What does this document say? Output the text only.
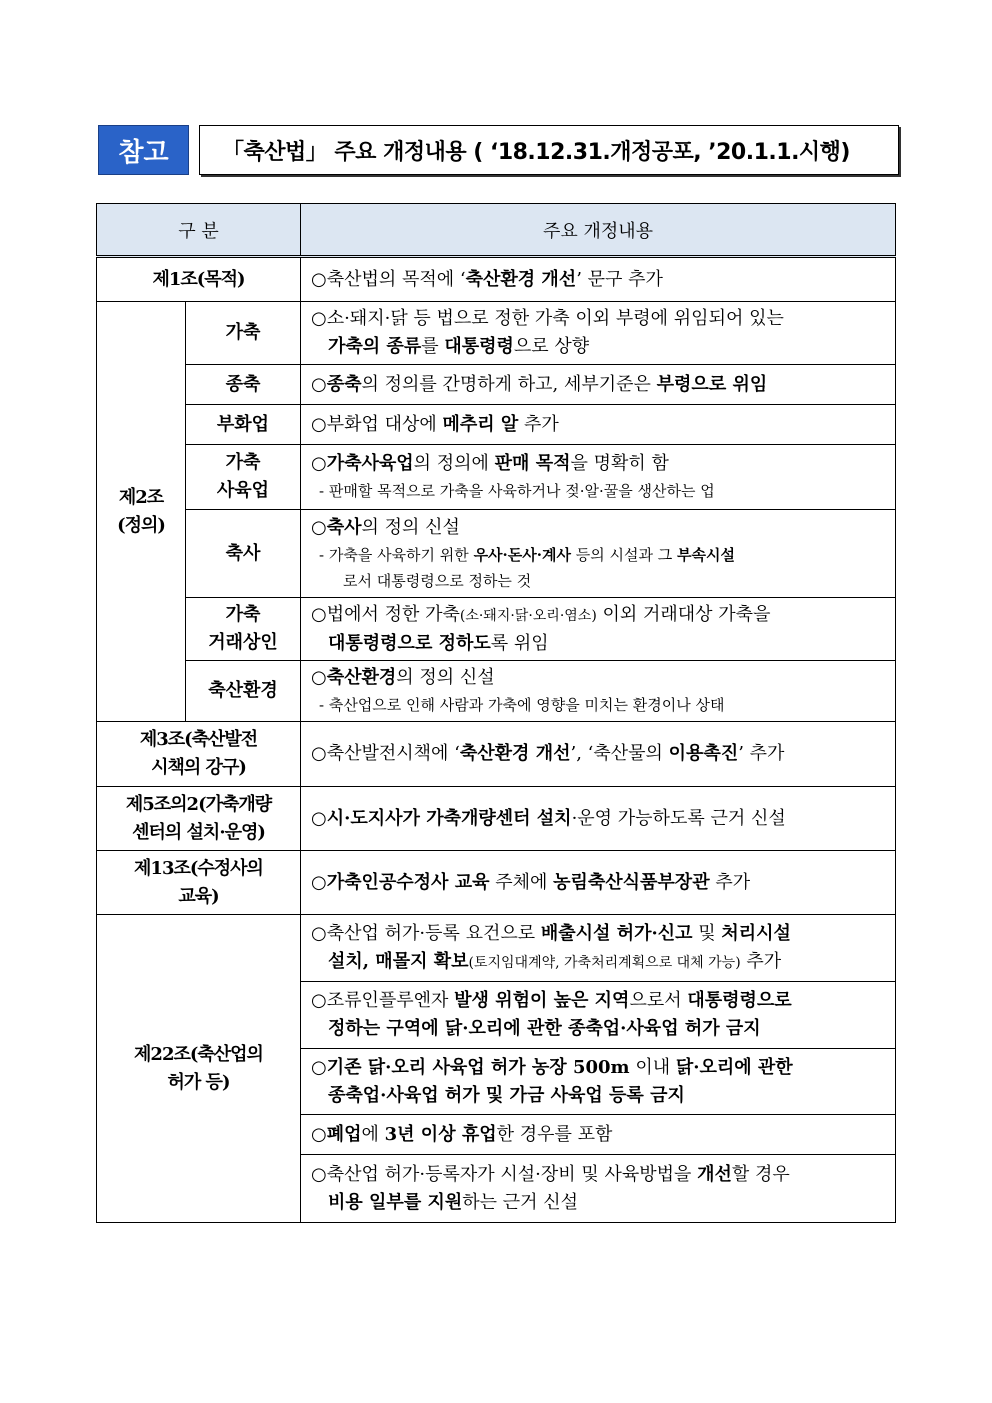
참고	「축산법」 주요 개정내용 ( ‘18.12.31.개정공포, ’20.1.1.시행)
구 분		주요 개정내용
제1조(목적)		○축산법의 목적에 ‘축산환경 개선’ 문구 추가
제2조
(정의)	가축	○소·돼지·닭 등 법으로 정한 가축 이외 부령에 위임되어 있는
가축의 종류를 대통령령으로 상향

	종축	○종축의 정의를 간명하게 하고, 세부기준은 부령으로 위임
	부화업	○부화업 대상에 메추리 알 추가
	가축
사육업	○가축사육업의 정의에 판매 목적을 명확히 함
- 판매할 목적으로 가축을 사육하거나 젖·알·꿀을 생산하는 업

	축사	○축사의 정의 신설
- 가축을 사육하기 위한 우사·돈사·계사 등의 시설과 그 부속시설
로서 대통령령으로 정하는 것

	가축
거래상인	○법에서 정한 가축(소·돼지·닭·오리·염소) 이외 거래대상 가축을
대통령령으로 정하도록 위임

	축산환경	○축산환경의 정의 신설
- 축산업으로 인해 사람과 가축에 영향을 미치는 환경이나 상태

제3조(축산발전
시책의 강구)		○축산발전시책에 ‘축산환경 개선’, ‘축산물의 이용촉진’ 추가
제5조의2(가축개량
센터의 설치·운영)		○시·도지사가 가축개량센터 설치·운영 가능하도록 근거 신설
제13조(수정사의
교육)		○가축인공수정사 교육 주체에 농림축산식품부장관 추가
제22조(축산업의
허가 등)		○축산업 허가·등록 요건으로 배출시설 허가·신고 및 처리시설
설치, 매몰지 확보(토지임대계약, 가축처리계획으로 대체 가능) 추가

		○조류인플루엔자 발생 위험이 높은 지역으로서 대통령령으로
정하는 구역에 닭·오리에 관한 종축업·사육업 허가 금지

		○기존 닭·오리 사육업 허가 농장 500m 이내 닭·오리에 관한
종축업·사육업 허가 및 가금 사육업 등록 금지

		○폐업에 3년 이상 휴업한 경우를 포함

		○축산업 허가·등록자가 시설·장비 및 사육방법을 개선할 경우
비용 일부를 지원하는 근거 신설
